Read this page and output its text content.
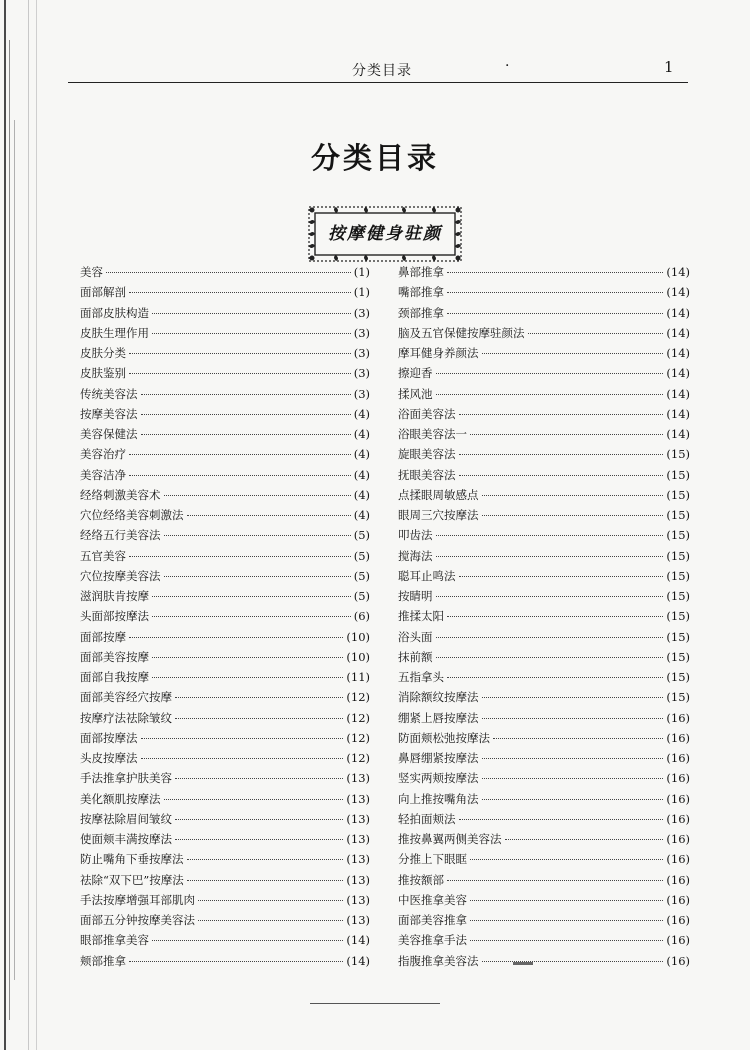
分类目录	·	1
分类目录
按摩健身驻颜
美容	(1)
面部解剖	(1)
面部皮肤构造	(3)
皮肤生理作用	(3)
皮肤分类	(3)
皮肤鉴别	(3)
传统美容法	(3)
按摩美容法	(4)
美容保健法	(4)
美容治疗	(4)
美容洁净	(4)
经络刺激美容术	(4)
穴位经络美容刺激法	(4)
经络五行美容法	(5)
五官美容	(5)
穴位按摩美容法	(5)
滋润肤肯按摩	(5)
头面部按摩法	(6)
面部按摩	(10)
面部美容按摩	(10)
面部自我按摩	(11)
面部美容经穴按摩	(12)
按摩疗法祛除皱纹	(12)
面部按摩法	(12)
头皮按摩法	(12)
手法推拿护肤美容	(13)
美化额肌按摩法	(13)
按摩祛除眉间皱纹	(13)
使面颊丰满按摩法	(13)
防止嘴角下垂按摩法	(13)
祛除“双下巴”按摩法	(13)
手法按摩增强耳部肌肉	(13)
面部五分钟按摩美容法	(13)
眼部推拿美容	(14)
颊部推拿	(14)
鼻部推拿	(14)
嘴部推拿	(14)
颈部推拿	(14)
脑及五官保健按摩驻颜法	(14)
摩耳健身养颜法	(14)
擦迎香	(14)
揉风池	(14)
浴面美容法	(14)
浴眼美容法一	(14)
旋眼美容法	(15)
抚眼美容法	(15)
点揉眼周敏感点	(15)
眼周三穴按摩法	(15)
叩齿法	(15)
搅海法	(15)
聪耳止鸣法	(15)
按睛明	(15)
推揉太阳	(15)
浴头面	(15)
抹前额	(15)
五指拿头	(15)
消除额纹按摩法	(15)
绷紧上唇按摩法	(16)
防面颊松弛按摩法	(16)
鼻唇绷紧按摩法	(16)
竖实两颊按摩法	(16)
向上推按嘴角法	(16)
轻拍面颊法	(16)
推按鼻翼两侧美容法	(16)
分推上下眼眶	(16)
推按额部	(16)
中医推拿美容	(16)
面部美容推拿	(16)
美容推拿手法	(16)
指腹推拿美容法	(16)
